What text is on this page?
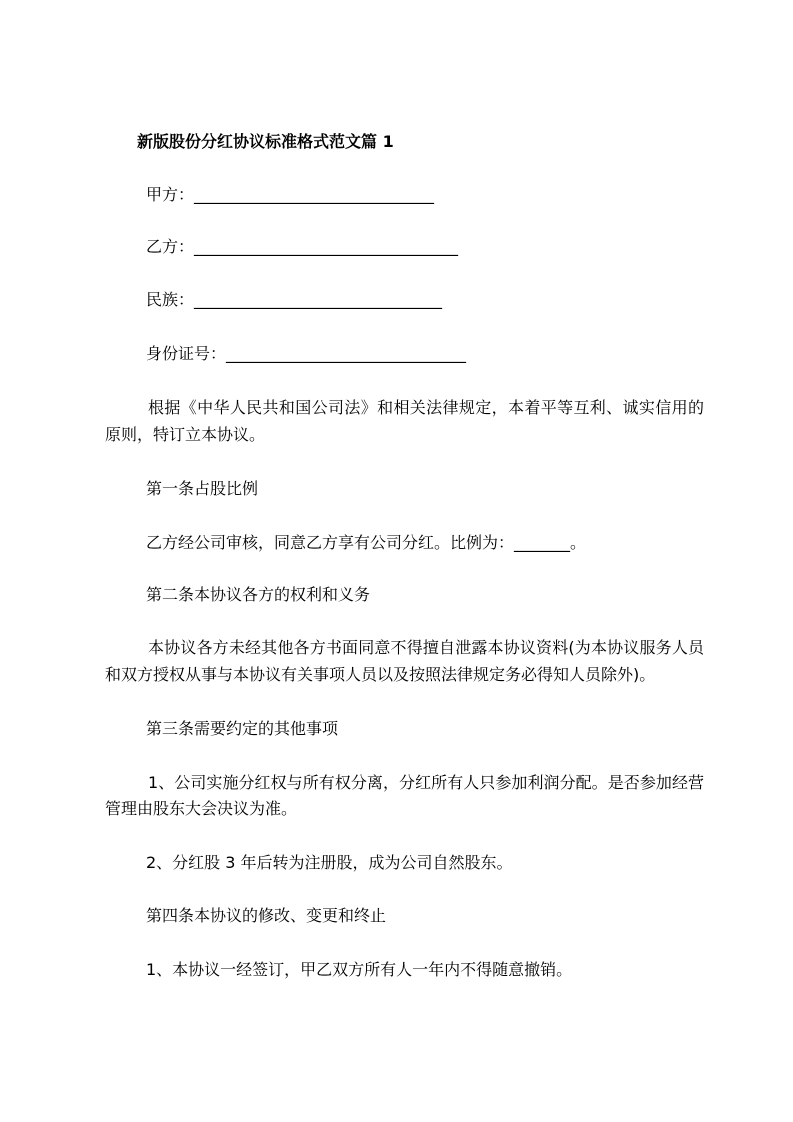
新版股份分红协议标准格式范文篇 1
甲方：______________________________
乙方：_________________________________
民族：_______________________________
身份证号：______________________________
根据《中华人民共和国公司法》和相关法律规定，本着平等互利、诚实信用的
原则，特订立本协议。
第一条占股比例
乙方经公司审核，同意乙方享有公司分红。比例为：_______。
第二条本协议各方的权利和义务
本协议各方未经其他各方书面同意不得擅自泄露本协议资料(为本协议服务人员
和双方授权从事与本协议有关事项人员以及按照法律规定务必得知人员除外)。
第三条需要约定的其他事项
1、公司实施分红权与所有权分离，分红所有人只参加利润分配。是否参加经营
管理由股东大会决议为准。
2、分红股 3 年后转为注册股，成为公司自然股东。
第四条本协议的修改、变更和终止
1、本协议一经签订，甲乙双方所有人一年内不得随意撤销。
